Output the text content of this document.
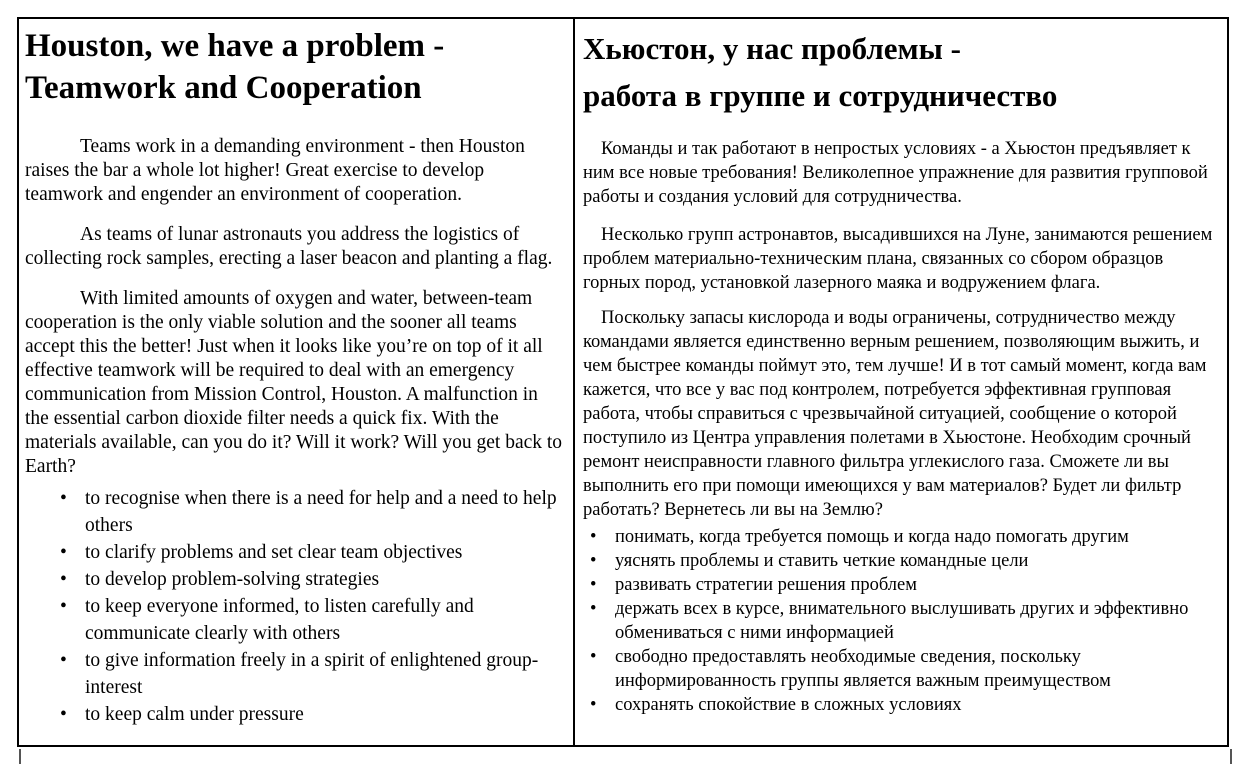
Houston, we have a problem -
Teamwork and Cooperation

Teams work in a demanding environment - then Houston raises the bar a whole lot higher! Great exercise to develop teamwork and engender an environment of cooperation.

As teams of lunar astronauts you address the logistics of collecting rock samples, erecting a laser beacon and planting a flag.

With limited amounts of oxygen and water, between-team cooperation is the only viable solution and the sooner all teams accept this the better! Just when it looks like you’re on top of it all effective teamwork will be required to deal with an emergency communication from Mission Control, Houston. A malfunction in the essential carbon dioxide filter needs a quick fix. With the materials available, can you do it? Will it work? Will you get back to Earth?

• to recognise when there is a need for help and a need to help others
• to clarify problems and set clear team objectives
• to develop problem-solving strategies
• to keep everyone informed, to listen carefully and communicate clearly with others
• to give information freely in a spirit of enlightened group-interest
• to keep calm under pressure
Хьюстон, у нас проблемы -
работа в группе и сотрудничество

Команды и так работают в непростых условиях - а Хьюстон предъявляет к ним все новые требования! Великолепное упражнение для развития групповой работы и создания условий для сотрудничества.

Несколько групп астронавтов, высадившихся на Луне, занимаются решением проблем материально-техническим плана, связанных со сбором образцов горных пород, установкой лазерного маяка и водружением флага.

Поскольку запасы кислорода и воды ограничены, сотрудничество между командами является единственно верным решением, позволяющим выжить, и чем быстрее команды поймут это, тем лучше! И в тот самый момент, когда вам кажется, что все у вас под контролем, потребуется эффективная групповая работа, чтобы справиться с чрезвычайной ситуацией, сообщение о которой поступило из Центра управления полетами в Хьюстоне. Необходим срочный ремонт неисправности главного фильтра углекислого газа. Сможете ли вы выполнить его при помощи имеющихся у вам материалов? Будет ли фильтр работать? Вернетесь ли вы на Землю?

• понимать, когда требуется помощь и когда надо помогать другим
• уяснять проблемы и ставить четкие командные цели
• развивать стратегии решения проблем
• держать всех в курсе, внимательного выслушивать других и эффективно обмениваться с ними информацией
• свободно предоставлять необходимые сведения, поскольку информированность группы является важным преимуществом
• сохранять спокойствие в сложных условиях
